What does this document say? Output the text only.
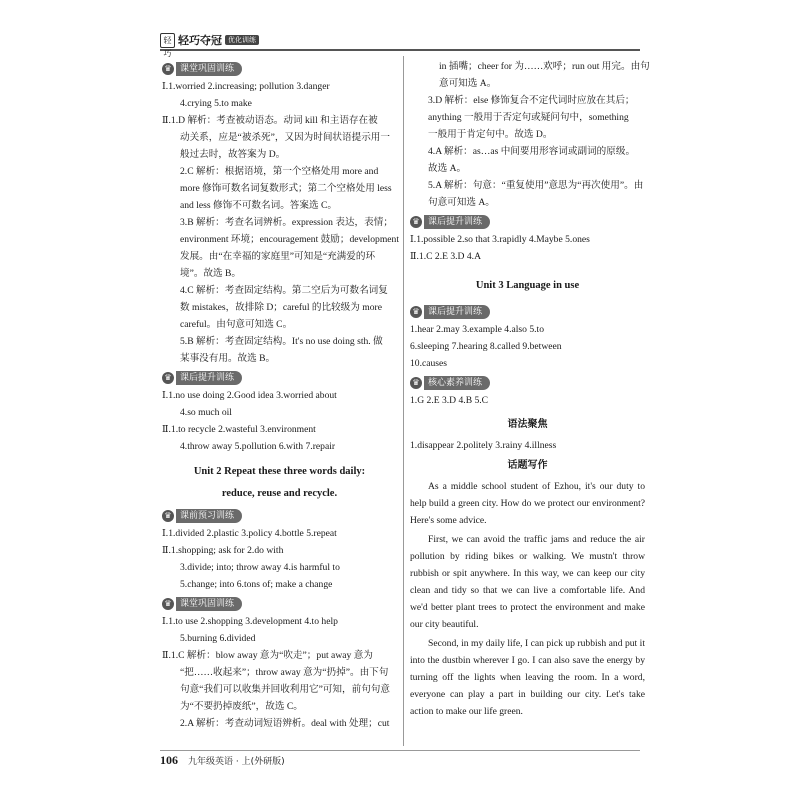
轻巧
轻巧夺冠 优化训练
♛ 课堂巩固训练
Ⅰ.1.worried 2.increasing; pollution 3.danger
4.crying 5.to make
Ⅱ.1.D 解析：考查被动语态。动词 kill 和主语存在被
动关系，应是“被杀死”，又因为时间状语提示用一
般过去时，故答案为 D。
2.C 解析：根据语境，第一个空格处用 more and
more 修饰可数名词复数形式；第二个空格处用 less
and less 修饰不可数名词。答案选 C。
3.B 解析：考查名词辨析。expression 表达，表情；
environment 环境；encouragement 鼓励；development
发展。由“在幸福的家庭里”可知是“充满爱的环
境”。故选 B。
4.C 解析：考查固定结构。第二空后为可数名词复
数 mistakes，故排除 D；careful 的比较级为 more
careful。由句意可知选 C。
5.B 解析：考查固定结构。It's no use doing sth. 做
某事没有用。故选 B。
♛ 课后提升训练
Ⅰ.1.no use doing 2.Good idea 3.worried about
4.so much oil
Ⅱ.1.to recycle 2.wasteful 3.environment
4.throw away 5.pollution 6.with 7.repair
Unit 2 Repeat these three words daily:
reduce, reuse and recycle.
♛ 课前预习训练
Ⅰ.1.divided 2.plastic 3.policy 4.bottle 5.repeat
Ⅱ.1.shopping; ask for 2.do with
3.divide; into; throw away 4.is harmful to
5.change; into 6.tons of; make a change
♛ 课堂巩固训练
Ⅰ.1.to use 2.shopping 3.development 4.to help
5.burning 6.divided
Ⅱ.1.C 解析：blow away 意为“吹走”；put away 意为
“把……收起来”；throw away 意为“扔掉”。由下句
句意“我们可以收集并回收利用它”可知，前句句意
为“不要扔掉废纸”，故选 C。
2.A 解析：考查动词短语辨析。deal with 处理；cut
in 插嘴；cheer for 为……欢呼；run out 用完。由句
意可知选 A。
3.D 解析：else 修饰复合不定代词时应放在其后；
anything 一般用于否定句或疑问句中，something
一般用于肯定句中。故选 D。
4.A 解析：as…as 中间要用形容词或副词的原级。
故选 A。
5.A 解析：句意：“重复使用”意思为“再次使用”。由
句意可知选 A。
♛ 课后提升训练
Ⅰ.1.possible 2.so that 3.rapidly 4.Maybe 5.ones
Ⅱ.1.C 2.E 3.D 4.A
Unit 3 Language in use
♛ 课后提升训练
1.hear 2.may 3.example 4.also 5.to
6.sleeping 7.hearing 8.called 9.between
10.causes
♛ 核心素养训练
1.G 2.E 3.D 4.B 5.C
语法聚焦
1.disappear 2.politely 3.rainy 4.illness
话题写作

As a middle school student of Ezhou, it's our duty to help build a green city. How do we protect our environment? Here's some advice.

First, we can avoid the traffic jams and reduce the air pollution by riding bikes or walking. We mustn't throw rubbish or spit anywhere. In this way, we can keep our city clean and tidy so that we can live a comfortable life. And we'd better plant trees to protect the environment and make our city beautiful.

Second, in my daily life, I can pick up rubbish and put it into the dustbin wherever I go. I can also save the energy by turning off the lights when leaving the room. In a word, everyone can play a part in building our city. Let's take action to make our life green.

106 九年级英语 · 上(外研版)
